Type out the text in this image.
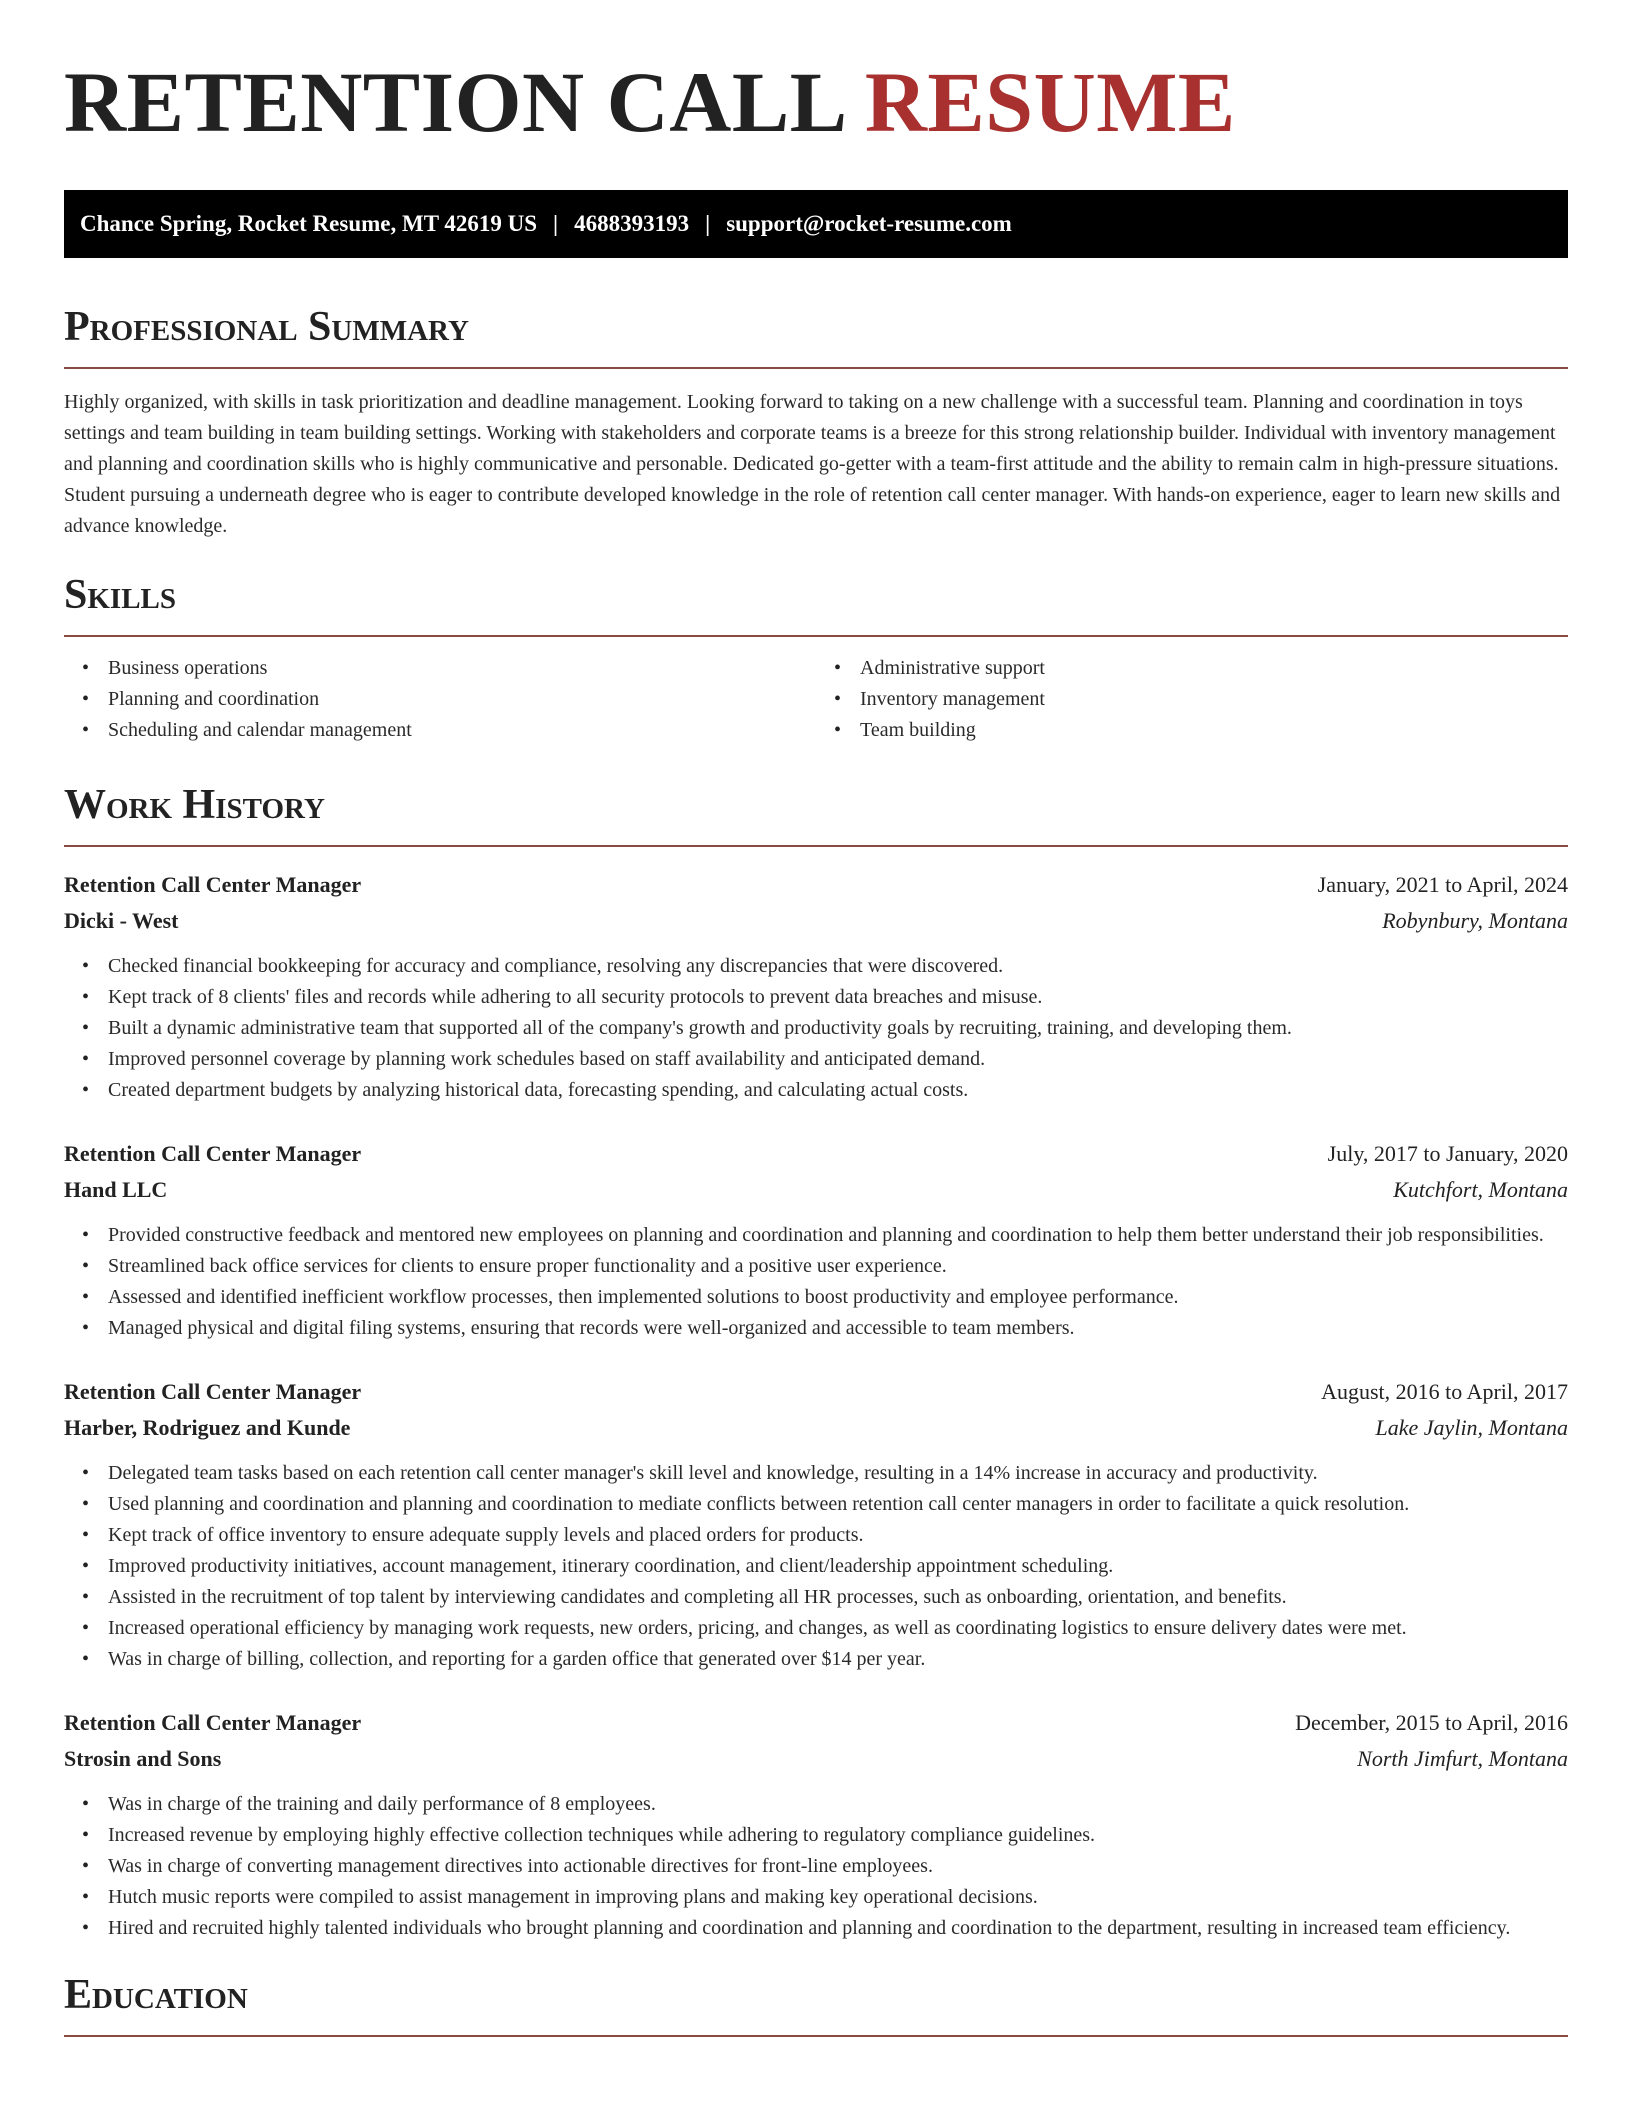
RETENTION CALL RESUME
Chance Spring, Rocket Resume, MT 42619 US | 4688393193 | support@rocket-resume.com
Professional Summary

Highly organized, with skills in task prioritization and deadline management. Looking forward to taking on a new challenge with a successful team. Planning and coordination in toys settings and team building in team building settings. Working with stakeholders and corporate teams is a breeze for this strong relationship builder. Individual with inventory management and planning and coordination skills who is highly communicative and personable. Dedicated go-getter with a team-first attitude and the ability to remain calm in high-pressure situations. Student pursuing a underneath degree who is eager to contribute developed knowledge in the role of retention call center manager. With hands-on experience, eager to learn new skills and advance knowledge.

Skills
• Business operations
• Planning and coordination
• Scheduling and calendar management
• Administrative support
• Inventory management
• Team building
Work History
Retention Call Center Manager	January, 2021 to April, 2024
Dicki - West	Robynbury, Montana
• Checked financial bookkeeping for accuracy and compliance, resolving any discrepancies that were discovered.
• Kept track of 8 clients' files and records while adhering to all security protocols to prevent data breaches and misuse.
• Built a dynamic administrative team that supported all of the company's growth and productivity goals by recruiting, training, and developing them.
• Improved personnel coverage by planning work schedules based on staff availability and anticipated demand.
• Created department budgets by analyzing historical data, forecasting spending, and calculating actual costs.
Retention Call Center Manager	July, 2017 to January, 2020
Hand LLC	Kutchfort, Montana
• Provided constructive feedback and mentored new employees on planning and coordination and planning and coordination to help them better understand their job responsibilities.
• Streamlined back office services for clients to ensure proper functionality and a positive user experience.
• Assessed and identified inefficient workflow processes, then implemented solutions to boost productivity and employee performance.
• Managed physical and digital filing systems, ensuring that records were well-organized and accessible to team members.
Retention Call Center Manager	August, 2016 to April, 2017
Harber, Rodriguez and Kunde	Lake Jaylin, Montana
• Delegated team tasks based on each retention call center manager's skill level and knowledge, resulting in a 14% increase in accuracy and productivity.
• Used planning and coordination and planning and coordination to mediate conflicts between retention call center managers in order to facilitate a quick resolution.
• Kept track of office inventory to ensure adequate supply levels and placed orders for products.
• Improved productivity initiatives, account management, itinerary coordination, and client/leadership appointment scheduling.
• Assisted in the recruitment of top talent by interviewing candidates and completing all HR processes, such as onboarding, orientation, and benefits.
• Increased operational efficiency by managing work requests, new orders, pricing, and changes, as well as coordinating logistics to ensure delivery dates were met.
• Was in charge of billing, collection, and reporting for a garden office that generated over $14 per year.
Retention Call Center Manager	December, 2015 to April, 2016
Strosin and Sons	North Jimfurt, Montana
• Was in charge of the training and daily performance of 8 employees.
• Increased revenue by employing highly effective collection techniques while adhering to regulatory compliance guidelines.
• Was in charge of converting management directives into actionable directives for front-line employees.
• Hutch music reports were compiled to assist management in improving plans and making key operational decisions.
• Hired and recruited highly talented individuals who brought planning and coordination and planning and coordination to the department, resulting in increased team efficiency.
Education
